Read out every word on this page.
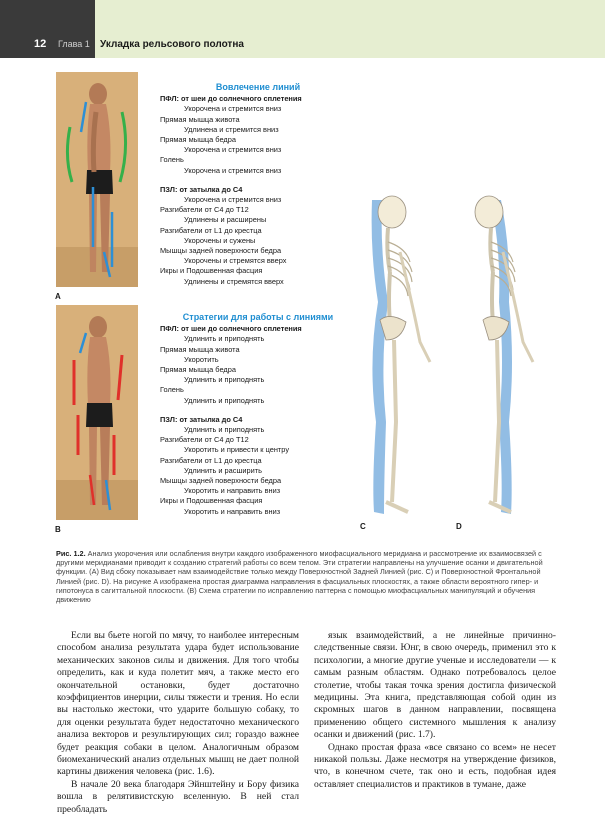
12 Глава 1 Укладка рельсового полотна
A
B
Вовлечение линий
ПФЛ: от шеи до солнечного сплетения
Укорочена и стремится вниз
Прямая мышца живота
Удлинена и стремится вниз
Прямая мышца бедра
Укорочена и стремится вниз
Голень
Укорочена и стремится вниз
ПЗЛ: от затылка до С4
Укорочена и стремится вниз
Разгибатели от С4 до Т12
Удлинены и расширены
Разгибатели от L1 до крестца
Укорочены и сужены
Мышцы задней поверхности бедра
Укорочены и стремятся вверх
Икры и Подошвенная фасция
Удлинены и стремятся вверх
Стратегии для работы с линиями
ПФЛ: от шеи до солнечного сплетения
Удлинить и приподнять
Прямая мышца живота
Укоротить
Прямая мышца бедра
Удлинить и приподнять
Голень
Удлинить и приподнять
ПЗЛ: от затылка до С4
Удлинить и приподнять
Разгибатели от С4 до Т12
Укоротить и привести к центру
Разгибатели от L1 до крестца
Удлинить и расширить
Мышцы задней поверхности бедра
Укоротить и направить вниз
Икры и Подошвенная фасция
Укоротить и направить вниз
C	D
Рис. 1.2. Анализ укорочения или ослабления внутри каждого изображенного миофасциального меридиана и рассмотрение их взаимосвязей с другими меридианами приводит к созданию стратегий работы со всем телом. Эти стратегии направлены на улучшение осанки и двигательной функции. (A) Вид сбоку показывает нам взаимодействие только между Поверхностной Задней Линией (рис. C) и Поверхностной Фронтальной Линией (рис. D). На рисунке A изображена простая диаграмма направления в фасциальных плоскостях, а также области вероятного гипер- и гипотонуса в сагиттальной плоскости. (B) Схема стратегии по исправлению паттерна с помощью миофасциальных манипуляций и обучения движению

Если вы бьете ногой по мячу, то наиболее интересным способом анализа результата удара будет использование механических законов силы и движения. Для того чтобы определить, как и куда полетит мяч, а также место его окончательной остановки, будет достаточно коэффициентов инерции, силы тяжести и трения. Но если вы настолько жестоки, что ударите большую собаку, то для оценки результата будет недостаточно механического анализа векторов и результирующих сил; гораздо важнее будет реакция собаки в целом. Аналогичным образом биомеханический анализ отдельных мышц не дает полной картины движения человека (рис. 1.6).

В начале 20 века благодаря Эйнштейну и Бору физика вошла в релятивистскую вселенную. В ней стал преобладать

язык взаимодействий, а не линейные причинно-следственные связи. Юнг, в свою очередь, применил это к психологии, а многие другие ученые и исследователи — к самым разным областям. Однако потребовалось целое столетие, чтобы такая точка зрения достигла физической медицины. Эта книга, представляющая собой один из скромных шагов в данном направлении, посвящена применению общего системного мышления к анализу осанки и движений (рис. 1.7).

Однако простая фраза «все связано со всем» не несет никакой пользы. Даже несмотря на утверждение физиков, что, в конечном счете, так оно и есть, подобная идея оставляет специалистов и практиков в тумане, даже
